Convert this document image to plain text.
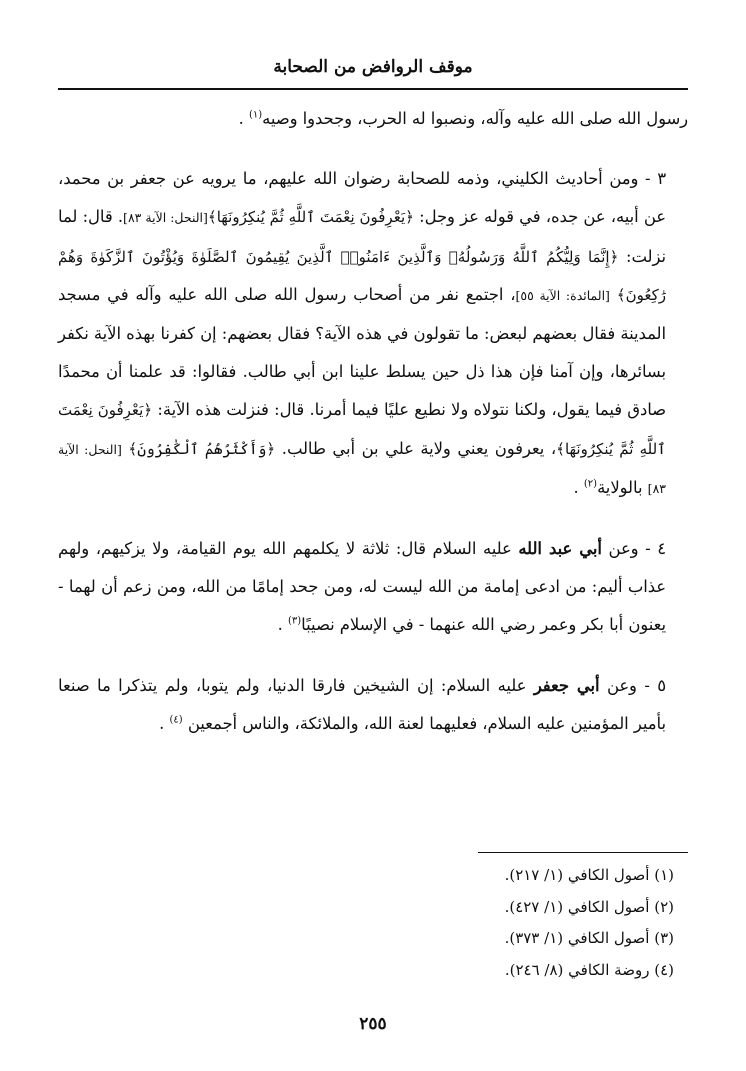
موقف الروافض من الصحابة

رسول الله صلى الله عليه وآله، ونصبوا له الحرب، وجحدوا وصيه$^{(١)}$ .

٣ - ومن أحاديث الكليني، وذمه للصحابة رضوان الله عليهم، ما يرويه عن جعفر بن محمد، عن أبيه، عن جده، في قوله عز وجل: ﴿يَعْرِفُونَ نِعْمَتَ ٱللَّهِ ثُمَّ يُنكِرُونَهَا﴾[النحل: الآية ٨٣]. قال: لما نزلت: ﴿إِنَّمَا وَلِيُّكُمُ ٱللَّهُ وَرَسُولُهُۥ وَٱلَّذِينَ ءَامَنُوا۟ ٱلَّذِينَ يُقِيمُونَ ٱلصَّلَوٰةَ وَيُؤْتُونَ ٱلزَّكَوٰةَ وَهُمْ رَٰكِعُونَ﴾ [المائدة: الآية ٥٥]، اجتمع نفر من أصحاب رسول الله صلى الله عليه وآله في مسجد المدينة فقال بعضهم لبعض: ما تقولون في هذه الآية؟ فقال بعضهم: إن كفرنا بهذه الآية نكفر بسائرها، وإن آمنا فإن هذا ذل حين يسلط علينا ابن أبي طالب. فقالوا: قد علمنا أن محمدًا صادق فيما يقول، ولكنا نتولاه ولا نطيع عليًا فيما أمرنا. قال: فنزلت هذه الآية: ﴿يَعْرِفُونَ نِعْمَتَ ٱللَّهِ ثُمَّ يُنكِرُونَهَا﴾، يعرفون يعني ولاية علي بن أبي طالب. ﴿وَأَكْثَرُهُمُ ٱلْكَٰفِرُونَ﴾ [النحل: الآية ٨٣] بالولاية$^{(٢)}$ .

٤ - وعن أبي عبد الله عليه السلام قال: ثلاثة لا يكلمهم الله يوم القيامة، ولا يزكيهم، ولهم عذاب أليم: من ادعى إمامة من الله ليست له، ومن جحد إمامًا من الله، ومن زعم أن لهما - يعنون أبا بكر وعمر رضي الله عنهما - في الإسلام نصيبًا$^{(٣)}$ .

٥ - وعن أبي جعفر عليه السلام: إن الشيخين فارقا الدنيا، ولم يتوبا، ولم يتذكرا ما صنعا بأمير المؤمنين عليه السلام، فعليهما لعنة الله، والملائكة، والناس أجمعين $^{(٤)}$ .

(١) أصول الكافي (١/ ٢١٧).
(٢) أصول الكافي (١/ ٤٢٧).
(٣) أصول الكافي (١/ ٣٧٣).
(٤) روضة الكافي (٨/ ٢٤٦).
٢٥٥
